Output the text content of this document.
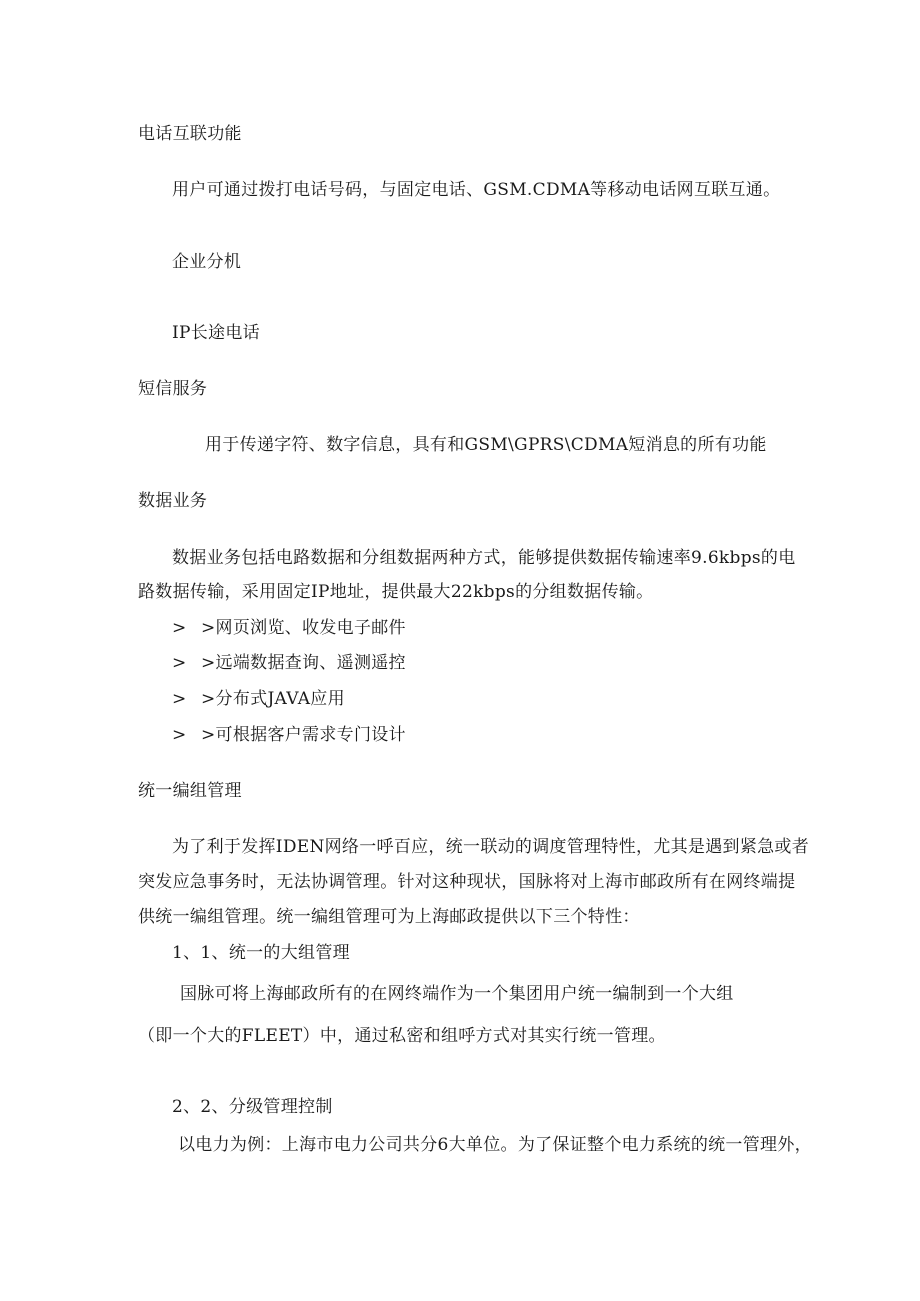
电话互联功能
用户可通过拨打电话号码，与固定电话、GSM.CDMA等移动电话网互联互通。
企业分机
IP长途电话
短信服务
用于传递字符、数字信息，具有和GSM\GPRS\CDMA短消息的所有功能
数据业务
数据业务包括电路数据和分组数据两种方式，能够提供数据传输速率9.6kbps的电
路数据传输，采用固定IP地址，提供最大22kbps的分组数据传输。
> >网页浏览、收发电子邮件
> >远端数据查询、遥测遥控
> >分布式JAVA应用
> >可根据客户需求专门设计
统一编组管理
为了利于发挥IDEN网络一呼百应，统一联动的调度管理特性，尤其是遇到紧急或者
突发应急事务时，无法协调管理。针对这种现状，国脉将对上海市邮政所有在网终端提
供统一编组管理。统一编组管理可为上海邮政提供以下三个特性：
1、1、统一的大组管理
国脉可将上海邮政所有的在网终端作为一个集团用户统一编制到一个大组
（即一个大的FLEET）中，通过私密和组呼方式对其实行统一管理。
2、2、分级管理控制
以电力为例：上海市电力公司共分6大单位。为了保证整个电力系统的统一管理外，
